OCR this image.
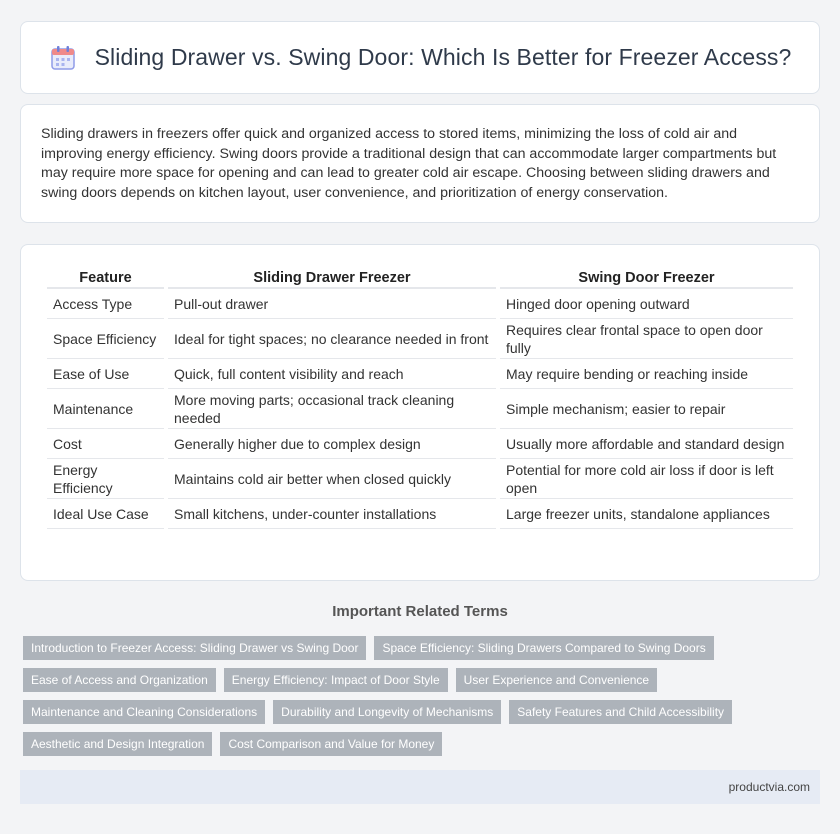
Sliding Drawer vs. Swing Door: Which Is Better for Freezer Access?

Sliding drawers in freezers offer quick and organized access to stored items, minimizing the loss of cold air and improving energy efficiency. Swing doors provide a traditional design that can accommodate larger compartments but may require more space for opening and can lead to greater cold air escape. Choosing between sliding drawers and swing doors depends on kitchen layout, user convenience, and prioritization of energy conservation.

Feature	Sliding Drawer Freezer	Swing Door Freezer
Access Type	Pull-out drawer	Hinged door opening outward
Space Efficiency	Ideal for tight spaces; no clearance needed in front	Requires clear frontal space to open door fully
Ease of Use	Quick, full content visibility and reach	May require bending or reaching inside
Maintenance	More moving parts; occasional track cleaning needed	Simple mechanism; easier to repair
Cost	Generally higher due to complex design	Usually more affordable and standard design
Energy Efficiency	Maintains cold air better when closed quickly	Potential for more cold air loss if door is left open
Ideal Use Case	Small kitchens, under-counter installations	Large freezer units, standalone appliances
Important Related Terms
Introduction to Freezer Access: Sliding Drawer vs Swing Door	Space Efficiency: Sliding Drawers Compared to Swing Doors
Ease of Access and Organization	Energy Efficiency: Impact of Door Style	User Experience and Convenience
Maintenance and Cleaning Considerations	Durability and Longevity of Mechanisms	Safety Features and Child Accessibility
Aesthetic and Design Integration	Cost Comparison and Value for Money
productvia.com
